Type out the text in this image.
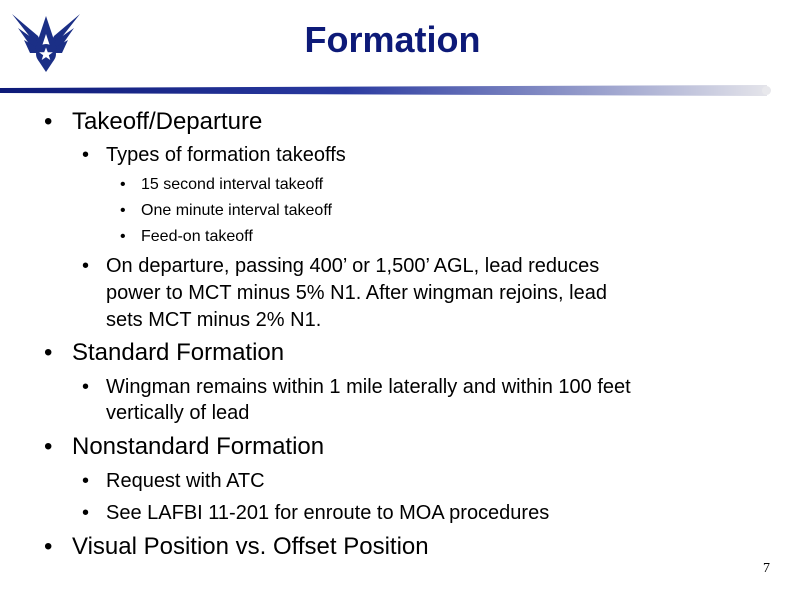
Formation
• Takeoff/Departure
• Types of formation takeoffs
• 15 second interval takeoff
• One minute interval takeoff
• Feed-on takeoff
• On departure, passing 400’ or 1,500’ AGL, lead reduces
power to MCT minus 5% N1. After wingman rejoins, lead
sets MCT minus 2% N1.
• Standard Formation
• Wingman remains within 1 mile laterally and within 100 feet
vertically of lead
• Nonstandard Formation
• Request with ATC
• See LAFBI 11-201 for enroute to MOA procedures
• Visual Position vs. Offset Position
7
